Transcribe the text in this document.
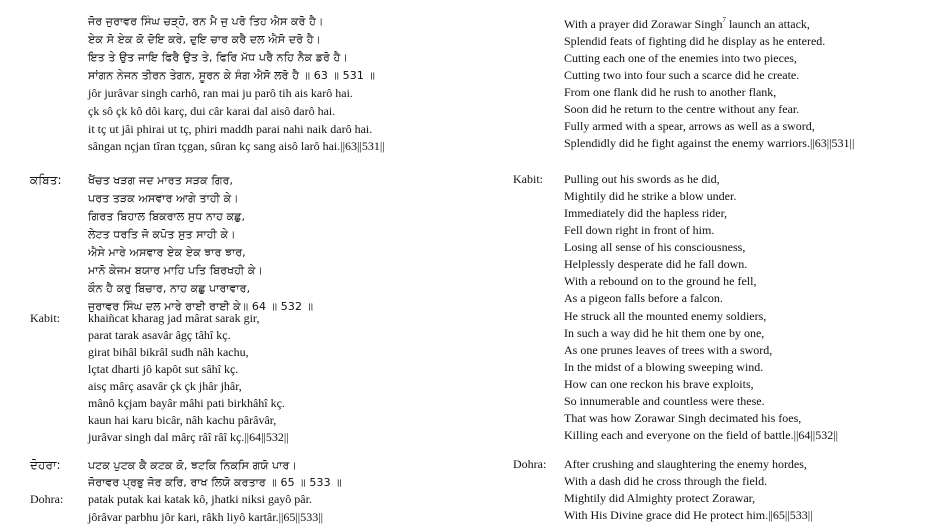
ਜੋਰ ਜੁਰਾਵਰ ਸਿੰਘ ਚੜ੍ਹੋ, ਰਨ ਮੈ ਜੁ ਪਰੋ ਤਿਹ ਐਸ ਕਰੋ ਹੈ।
ਏਕ ਸੋ ਏਕ ਕੋ ਦੋਇ ਕਰੇ, ਦੁਇ ਚਾਰ ਕਰੈ ਦਲ ਐਸੋ ਦਰੋ ਹੈ।
ਇਤ ਤੇ ਉਤ ਜਾਇ ਫਿਰੈ ਉਤ ਤੇ, ਫਿਰਿ ਮੱਧ ਪਰੈ ਨਹਿ ਨੈਕ ਡਰੋ ਹੈ।
ਸਾਂਗਨ ਨੇਜਨ ਤੀਰਨ ਤੇਗਨ, ਸੂਰਨ ਕੇ ਸੰਗ ਐਸੋ ਲਰੋ ਹੈ ॥ 63 ॥ 531 ॥
jôr jurâvar singh carhô, ran mai ju parô tih ais karô hai.
çk sô çk kô dôi karç, dui câr karai dal aisô darô hai.
it tç ut jâi phirai ut tç, phiri maddh parai nahi naik darô hai.
sângan nçjan tîran tçgan, sûran kç sang aisô larô hai.||63||531||
ਕਬਿਤ: ਖੈਂਚਤ ਖੜਗ ਜਦ ਮਾਰਤ ਸੜਕ ਗਿਰ,
ਪਰਤ ਤੜਕ ਅਸਵਾਰ ਆਗੇ ਤਾਹੀ ਕੇ।
ਗਿਰਤ ਬਿਹਾਲ ਬਿਕਰਾਲ ਸੁਧ ਨਾਹ ਕਛੁ,
ਲੇਟਤ ਧਰਤਿ ਜੋ ਕਪੋਤ ਸੁਤ ਸਾਹੀ ਕੇ।
ਐਸੇ ਮਾਰੇ ਅਸਵਾਰ ਏਕ ਏਕ ਝਾਰ ਝਾਰ,
ਮਾਨੋ ਕੇਜਮ ਬਯਾਰ ਮਾਹਿ ਪਤਿ ਬਿਰਖਹੀ ਕੇ।
ਕੌਨ ਹੈ ਕਰੁ ਬਿਚਾਰ, ਨਾਹ ਕਛੁ ਪਾਰਾਵਾਰ,
ਜੁਰਾਵਰ ਸਿੰਘ ਦਲ ਮਾਰੇ ਰਾਈ ਰਾਈ ਕੇ॥ 64 ॥ 532 ॥
Kabit: khaiñcat kharag jad mârat sarak gir,
parat tarak asavâr âgç tâhî kç.
girat bihâl bikrâl sudh nâh kachu,
lçtat dharti jô kapôt sut sâhî kç.
aisç mârç asavâr çk çk jhâr jhâr,
mânô kçjam bayâr mâhi pati birkhâhî kç.
kaun hai karu bicâr, nâh kachu pârâvâr,
jurâvar singh dal mârç râî râî kç.||64||532||
ਦੋਹਰਾ: ਪਟਕ ਪੁਟਕ ਕੈ ਕਟਕ ਕੋ, ਝਟਕਿ ਨਿਕਸਿ ਗਯੋ ਪਾਰ।
ਜੋਰਾਵਰ ਪ੍ਰਭੁ ਜੋਰ ਕਰਿ, ਰਾਖ ਲਿਯੋ ਕਰਤਾਰ ॥ 65 ॥ 533 ॥
Dohra: patak putak kai katak kô, jhatki niksi gayô pâr.
jôrâvar parbhu jôr kari, râkh liyô kartâr.||65||533||
With a prayer did Zorawar Singh$^7$ launch an attack,
Splendid feats of fighting did he display as he entered.
Cutting each one of the enemies into two pieces,
Cutting two into four such a scarce did he create.
From one flank did he rush to another flank,
Soon did he return to the centre without any fear.
Fully armed with a spear, arrows as well as a sword,
Splendidly did he fight against the enemy warriors.||63||531||
Kabit: Pulling out his swords as he did,
Mightily did he strike a blow under.
Immediately did the hapless rider,
Fell down right in front of him.
Losing all sense of his consciousness,
Helplessly desperate did he fall down.
With a rebound on to the ground he fell,
As a pigeon falls before a falcon.
He struck all the mounted enemy soldiers,
In such a way did he hit them one by one,
As one prunes leaves of trees with a sword,
In the midst of a blowing sweeping wind.
How can one reckon his brave exploits,
So innumerable and countless were these.
That was how Zorawar Singh decimated his foes,
Killing each and everyone on the field of battle.||64||532||
Dohra: After crushing and slaughtering the enemy hordes,
With a dash did he cross through the field.
Mightily did Almighty protect Zorawar,
With His Divine grace did He protect him.||65||533||
